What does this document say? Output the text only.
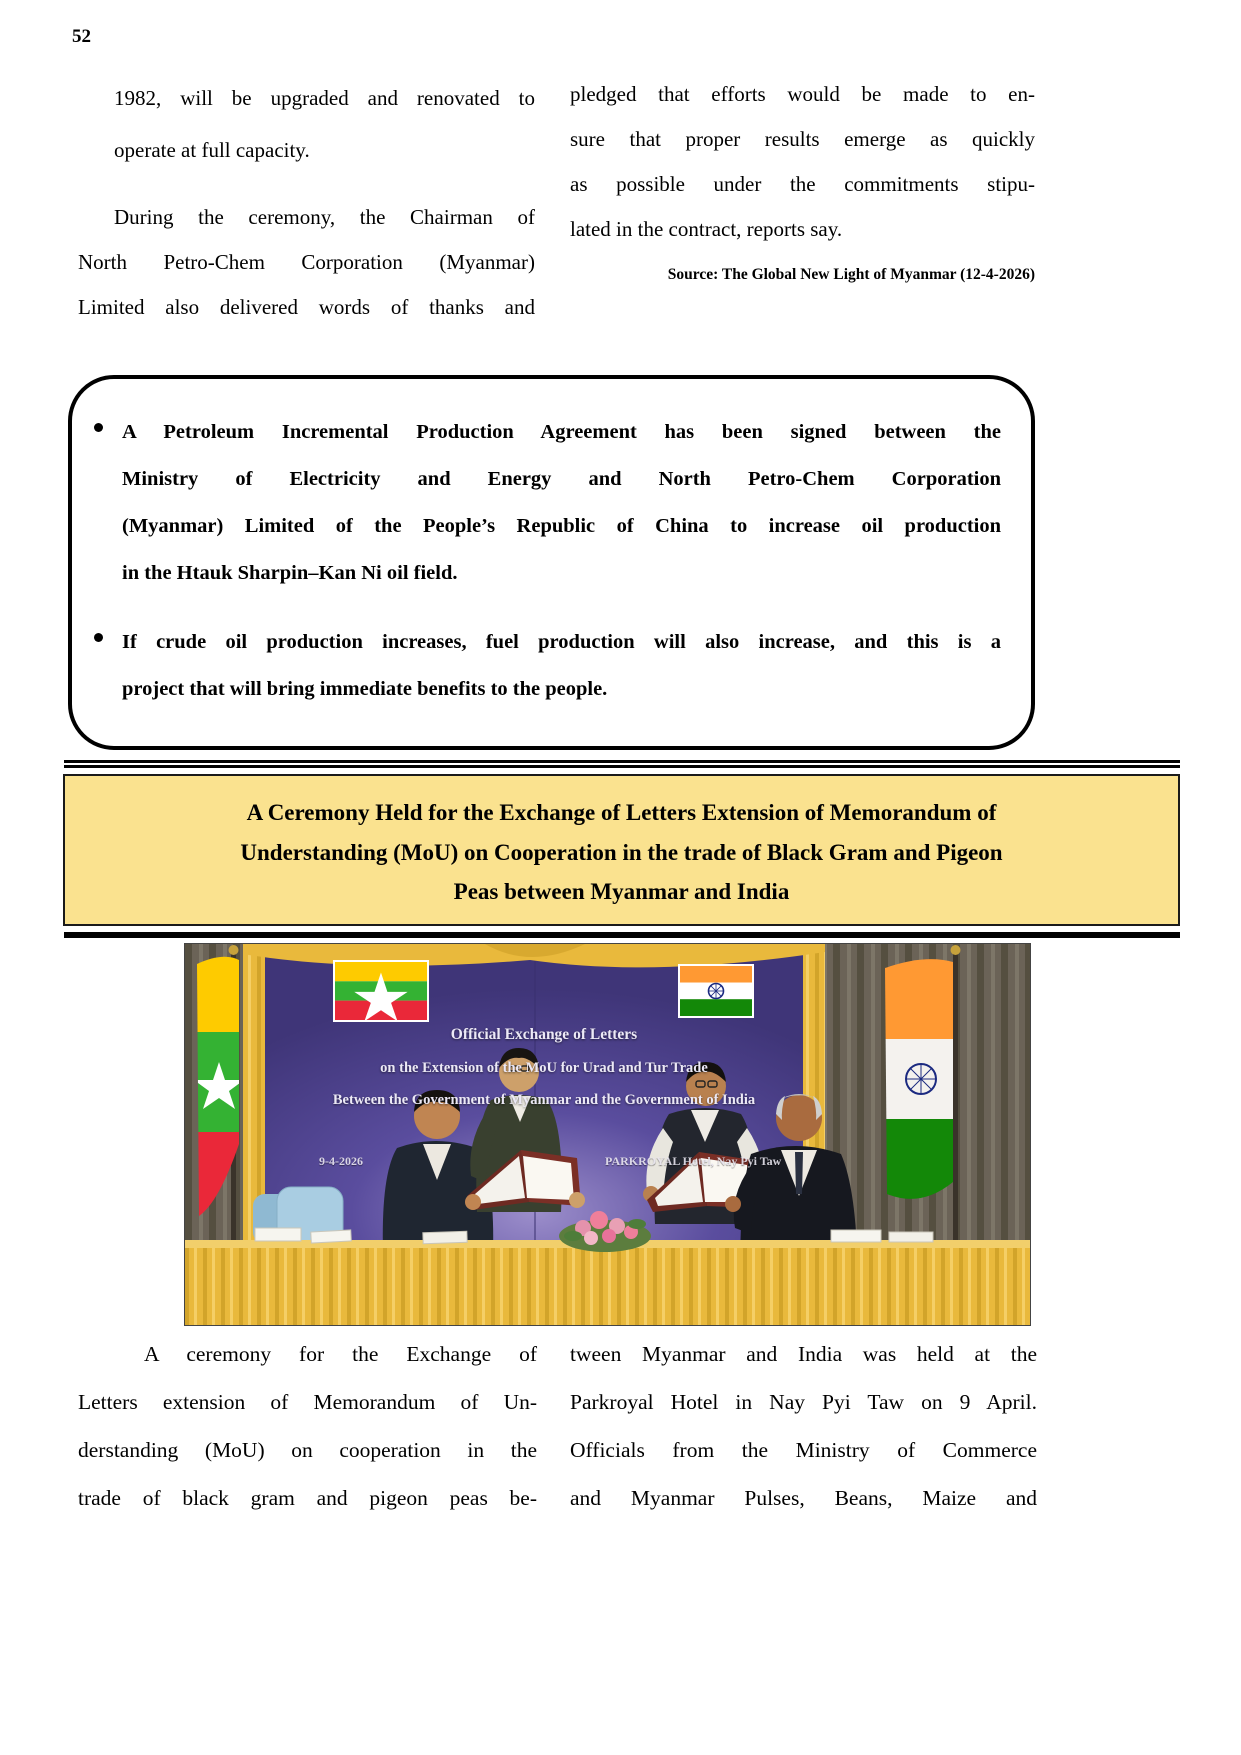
52
1982, will be upgraded and renovated to
operate at full capacity.
During the ceremony, the Chairman of
North Petro-Chem Corporation (Myanmar)
Limited also delivered words of thanks and
pledged that efforts would be made to en-
sure that proper results emerge as quickly
as possible under the commitments stipu-
lated in the contract, reports say.
Source: The Global New Light of Myanmar (12-4-2026)
A Petroleum Incremental Production Agreement has been signed between the
Ministry of Electricity and Energy and North Petro-Chem Corporation
(Myanmar) Limited of the People’s Republic of China to increase oil production
in the Htauk Sharpin–Kan Ni oil field.
If crude oil production increases, fuel production will also increase, and this is a
project that will bring immediate benefits to the people.
A Ceremony Held for the Exchange of Letters Extension of Memorandum of
Understanding (MoU) on Cooperation in the trade of Black Gram and Pigeon
Peas between Myanmar and India
Official Exchange of Letters
on the Extension of the MoU for Urad and Tur Trade
Between the Government of Myanmar and the Government of India
9-4-2026	PARKROYAL Hotel, Nay Pyi Taw
A ceremony for the Exchange of
Letters extension of Memorandum of Un-
derstanding (MoU) on cooperation in the
trade of black gram and pigeon peas be-
tween Myanmar and India was held at the
Parkroyal Hotel in Nay Pyi Taw on 9 April.
Officials from the Ministry of Commerce
and Myanmar Pulses, Beans, Maize and
